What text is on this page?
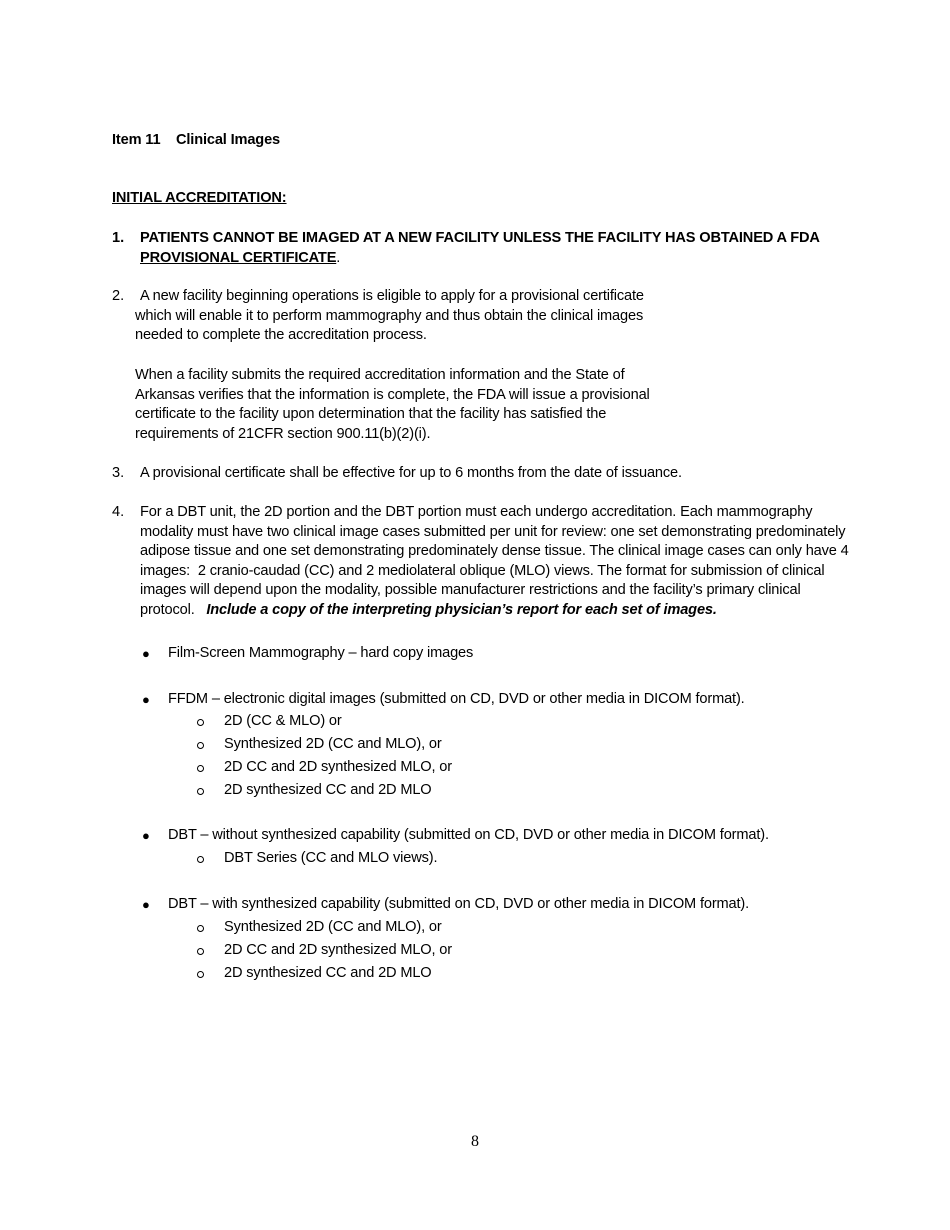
Item 11 Clinical Images
INITIAL ACCREDITATION:
1. PATIENTS CANNOT BE IMAGED AT A NEW FACILITY UNLESS THE FACILITY HAS OBTAINED A FDA
PROVISIONAL CERTIFICATE.
2.	A new facility beginning operations is eligible to apply for a provisional certificate
which will enable it to perform mammography and thus obtain the clinical images
needed to complete the accreditation process.
When a facility submits the required accreditation information and the State of
Arkansas verifies that the information is complete, the FDA will issue a provisional
certificate to the facility upon determination that the facility has satisfied the
requirements of 21CFR section 900.11(b)(2)(i).
3. A provisional certificate shall be effective for up to 6 months from the date of issuance.
4. For a DBT unit, the 2D portion and the DBT portion must each undergo accreditation. Each mammography
modality must have two clinical image cases submitted per unit for review: one set demonstrating predominately
adipose tissue and one set demonstrating predominately dense tissue. The clinical image cases can only have 4
images:  2 cranio-caudad (CC) and 2 mediolateral oblique (MLO) views. The format for submission of clinical
images will depend upon the modality, possible manufacturer restrictions and the facility’s primary clinical
protocol.   Include a copy of the interpreting physician’s report for each set of images.
● Film-Screen Mammography – hard copy images
● FFDM – electronic digital images (submitted on CD, DVD or other media in DICOM format).
2D (CC & MLO) or
Synthesized 2D (CC and MLO), or
2D CC and 2D synthesized MLO, or
2D synthesized CC and 2D MLO
● DBT – without synthesized capability (submitted on CD, DVD or other media in DICOM format).
DBT Series (CC and MLO views).
● DBT – with synthesized capability (submitted on CD, DVD or other media in DICOM format).
Synthesized 2D (CC and MLO), or
2D CC and 2D synthesized MLO, or
2D synthesized CC and 2D MLO
8
